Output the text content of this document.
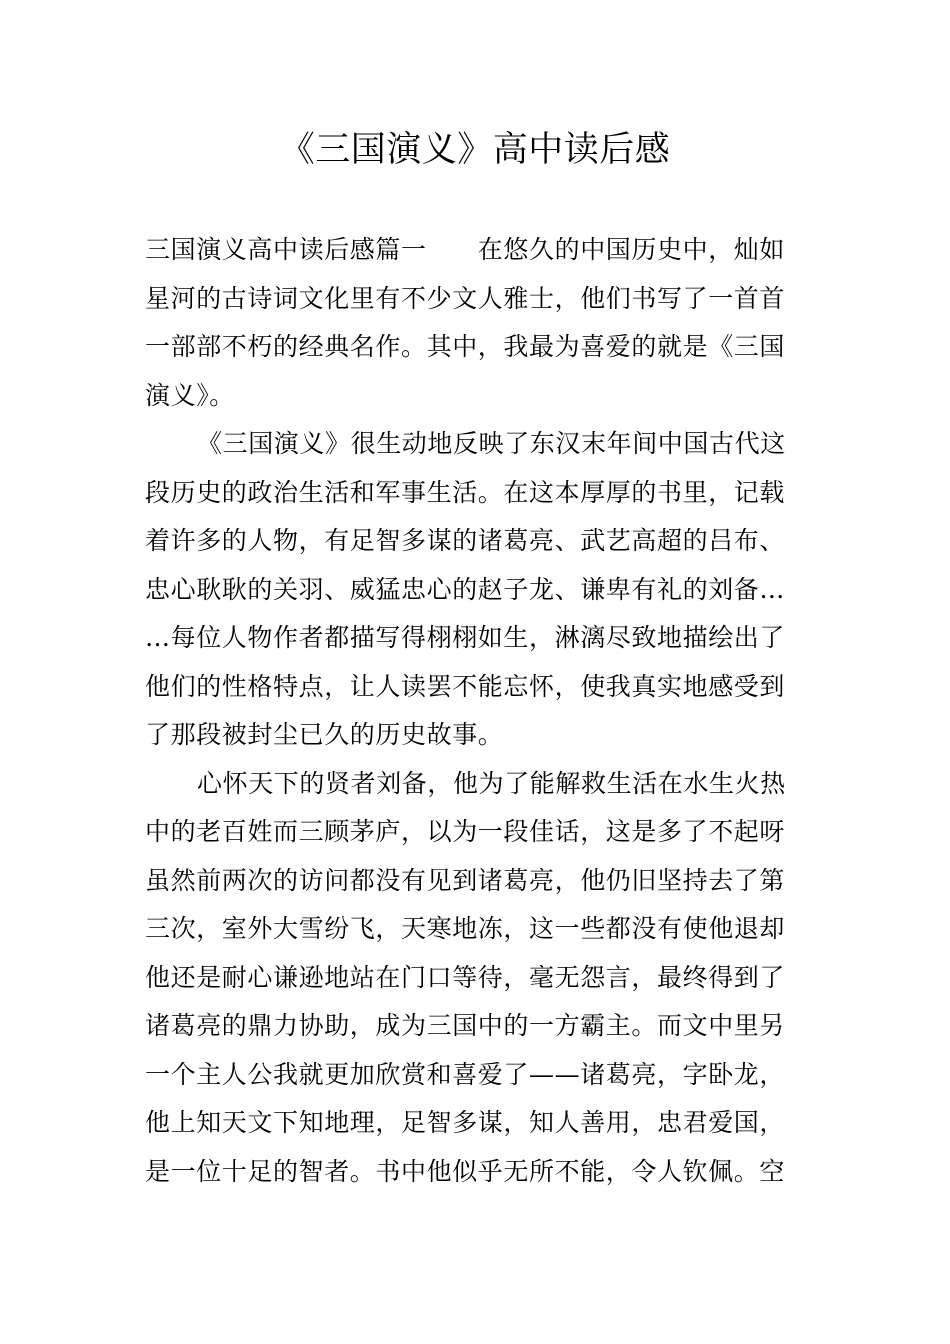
《三国演义》高中读后感
三国演义高中读后感篇一　　在悠久的中国历史中，灿如
星河的古诗词文化里有不少文人雅士，他们书写了一首首
一部部不朽的经典名作。其中，我最为喜爱的就是《三国
演义》。
《三国演义》很生动地反映了东汉末年间中国古代这
段历史的政治生活和军事生活。在这本厚厚的书里，记载
着许多的人物，有足智多谋的诸葛亮、武艺高超的吕布、
忠心耿耿的关羽、威猛忠心的赵子龙、谦卑有礼的刘备…
…每位人物作者都描写得栩栩如生，淋漓尽致地描绘出了
他们的性格特点，让人读罢不能忘怀，使我真实地感受到
了那段被封尘已久的历史故事。
心怀天下的贤者刘备，他为了能解救生活在水生火热
中的老百姓而三顾茅庐，以为一段佳话，这是多了不起呀
虽然前两次的访问都没有见到诸葛亮，他仍旧坚持去了第
三次，室外大雪纷飞，天寒地冻，这一些都没有使他退却
他还是耐心谦逊地站在门口等待，毫无怨言，最终得到了
诸葛亮的鼎力协助，成为三国中的一方霸主。而文中里另
一个主人公我就更加欣赏和喜爱了——诸葛亮，字卧龙，
他上知天文下知地理，足智多谋，知人善用，忠君爱国，
是一位十足的智者。书中他似乎无所不能，令人钦佩。空
